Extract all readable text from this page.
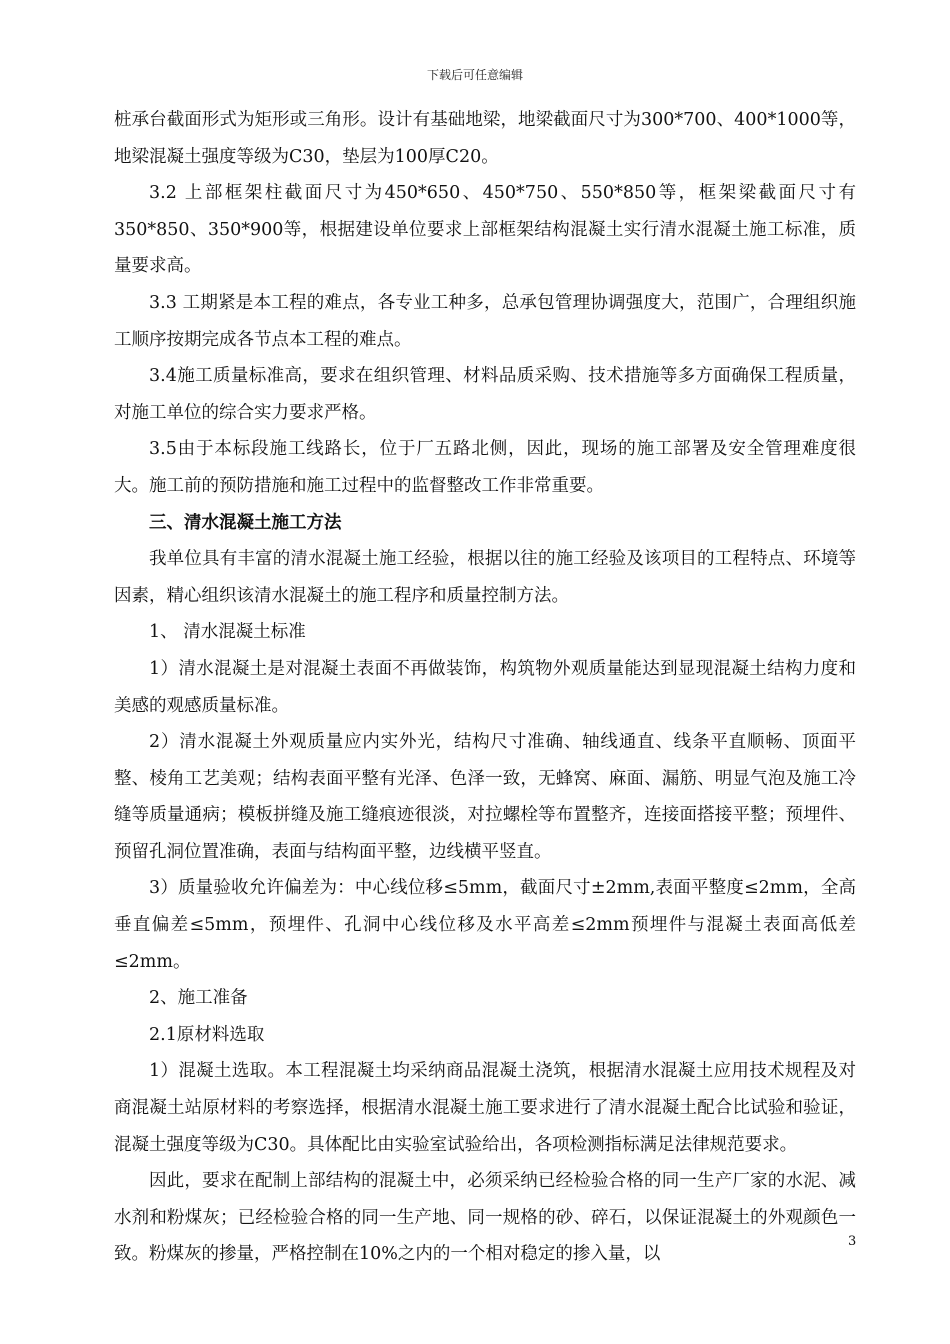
下载后可任意编辑

桩承台截面形式为矩形或三角形。设计有基础地梁，地梁截面尺寸为300*700、400*1000等，地梁混凝土强度等级为C30，垫层为100厚C20。

3.2 上部框架柱截面尺寸为450*650、450*750、550*850等，框架梁截面尺寸有350*850、350*900等，根据建设单位要求上部框架结构混凝土实行清水混凝土施工标准，质量要求高。

3.3 工期紧是本工程的难点，各专业工种多，总承包管理协调强度大，范围广，合理组织施工顺序按期完成各节点本工程的难点。

3.4施工质量标准高，要求在组织管理、材料品质采购、技术措施等多方面确保工程质量，对施工单位的综合实力要求严格。

3.5由于本标段施工线路长，位于厂五路北侧，因此，现场的施工部署及安全管理难度很大。施工前的预防措施和施工过程中的监督整改工作非常重要。

三、清水混凝土施工方法

我单位具有丰富的清水混凝土施工经验，根据以往的施工经验及该项目的工程特点、环境等因素，精心组织该清水混凝土的施工程序和质量控制方法。

1、 清水混凝土标准

1）清水混凝土是对混凝土表面不再做装饰，构筑物外观质量能达到显现混凝土结构力度和美感的观感质量标准。

2）清水混凝土外观质量应内实外光，结构尺寸准确、轴线通直、线条平直顺畅、顶面平整、棱角工艺美观；结构表面平整有光泽、色泽一致，无蜂窝、麻面、漏筋、明显气泡及施工冷缝等质量通病；模板拼缝及施工缝痕迹很淡，对拉螺栓等布置整齐，连接面搭接平整；预埋件、预留孔洞位置准确，表面与结构面平整，边线横平竖直。

3）质量验收允许偏差为：中心线位移≤5mm，截面尺寸±2mm,表面平整度≤2mm，全高垂直偏差≤5mm，预埋件、孔洞中心线位移及水平高差≤2mm预埋件与混凝土表面高低差≤2mm。

2、施工准备

2.1原材料选取

1）混凝土选取。本工程混凝土均采纳商品混凝土浇筑，根据清水混凝土应用技术规程及对商混凝土站原材料的考察选择，根据清水混凝土施工要求进行了清水混凝土配合比试验和验证，混凝土强度等级为C30。具体配比由实验室试验给出，各项检测指标满足法律规范要求。

因此，要求在配制上部结构的混凝土中，必须采纳已经检验合格的同一生产厂家的水泥、减水剂和粉煤灰；已经检验合格的同一生产地、同一规格的砂、碎石，以保证混凝土的外观颜色一致。粉煤灰的掺量，严格控制在10%之内的一个相对稳定的掺入量，以

3
